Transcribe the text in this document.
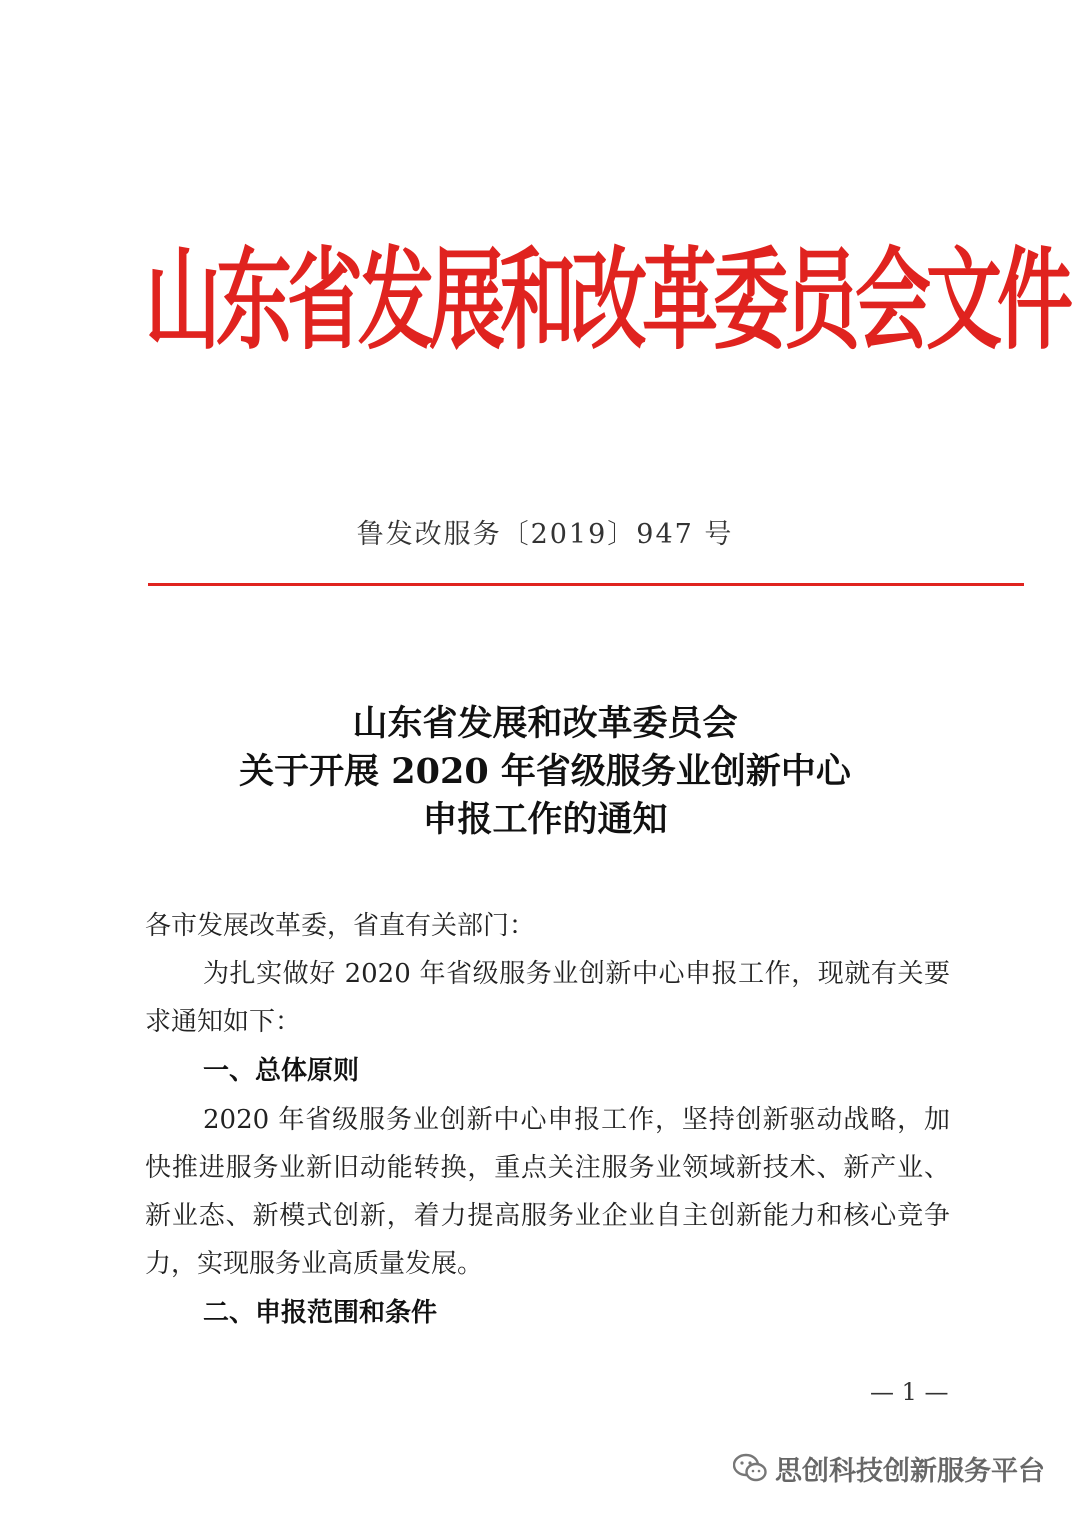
山东省发展和改革委员会文件
鲁发改服务〔2019〕947 号
山东省发展和改革委员会
关于开展 2020 年省级服务业创新中心
申报工作的通知

各市发展改革委，省直有关部门：

为扎实做好 2020 年省级服务业创新中心申报工作，现就有关要求通知如下：

一、总体原则

2020 年省级服务业创新中心申报工作，坚持创新驱动战略，加快推进服务业新旧动能转换，重点关注服务业领域新技术、新产业、新业态、新模式创新，着力提高服务业企业自主创新能力和核心竞争力，实现服务业高质量发展。

二、申报范围和条件

— 1 —
思创科技创新服务平台
